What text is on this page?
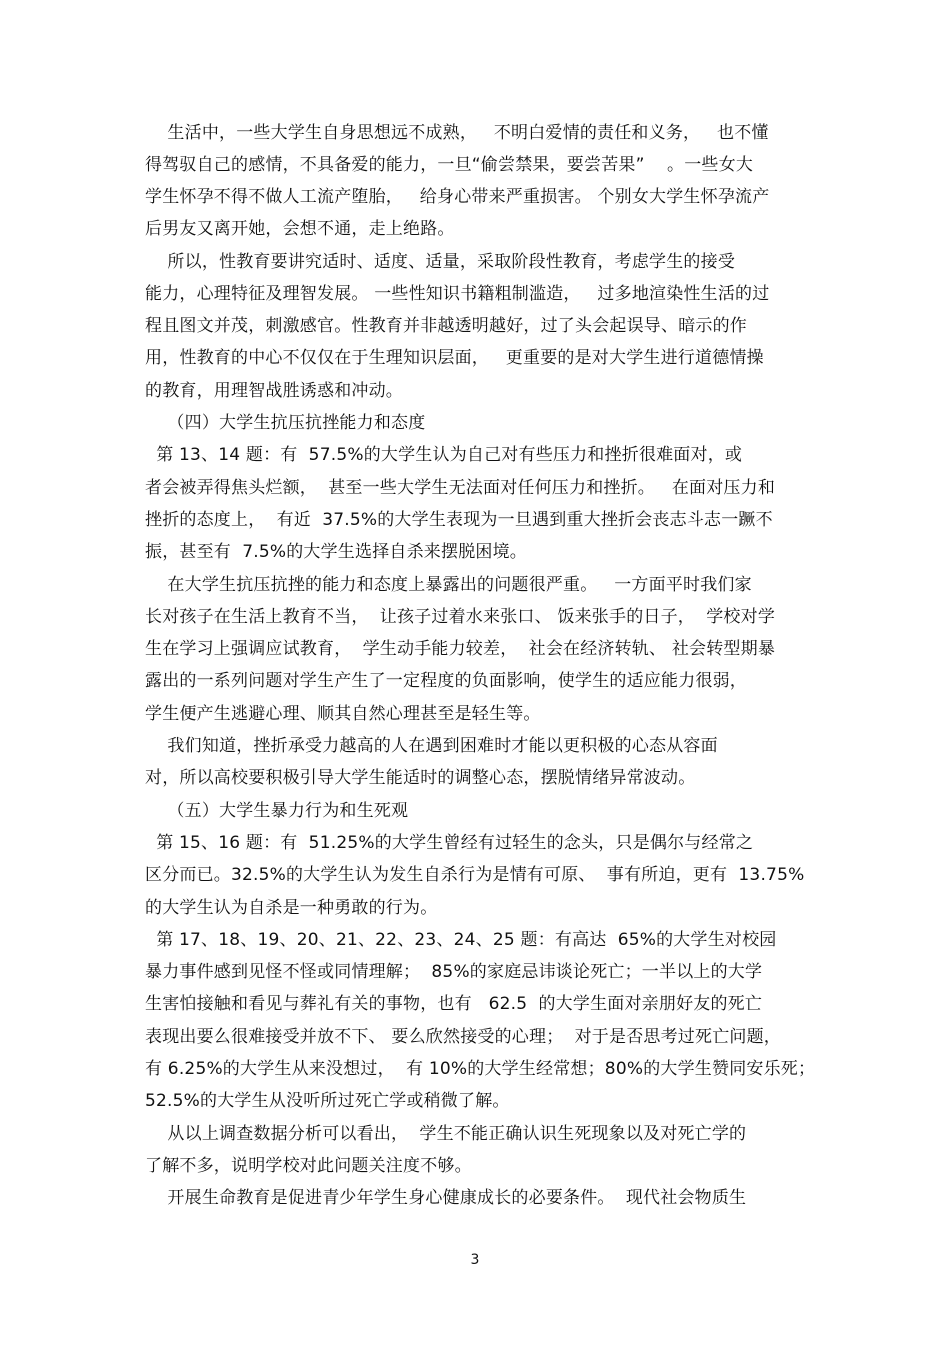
生活中，一些大学生自身思想远不成熟，   不明白爱情的责任和义务，   也不懂
得驾驭自己的感情，不具备爱的能力，一旦“偷尝禁果，要尝苦果”    。一些女大
学生怀孕不得不做人工流产堕胎，   给身心带来严重损害。 个别女大学生怀孕流产
后男友又离开她，会想不通，走上绝路。
所以，性教育要讲究适时、适度、适量，采取阶段性教育，考虑学生的接受
能力，心理特征及理智发展。 一些性知识书籍粗制滥造，   过多地渲染性生活的过
程且图文并茂，刺激感官。性教育并非越透明越好，过了头会起误导、暗示的作
用，性教育的中心不仅仅在于生理知识层面，   更重要的是对大学生进行道德情操
的教育，用理智战胜诱惑和冲动。
（四）大学生抗压抗挫能力和态度
第 13、14 题：有  57.5%的大学生认为自己对有些压力和挫折很难面对，或
者会被弄得焦头烂额，  甚至一些大学生无法面对任何压力和挫折。   在面对压力和
挫折的态度上，  有近  37.5%的大学生表现为一旦遇到重大挫折会丧志斗志一蹶不
振，甚至有  7.5%的大学生选择自杀来摆脱困境。
在大学生抗压抗挫的能力和态度上暴露出的问题很严重。   一方面平时我们家
长对孩子在生活上教育不当，  让孩子过着水来张口、 饭来张手的日子，  学校对学
生在学习上强调应试教育，  学生动手能力较差，  社会在经济转轨、 社会转型期暴
露出的一系列问题对学生产生了一定程度的负面影响，使学生的适应能力很弱，
学生便产生逃避心理、顺其自然心理甚至是轻生等。
我们知道，挫折承受力越高的人在遇到困难时才能以更积极的心态从容面
对，所以高校要积极引导大学生能适时的调整心态，摆脱情绪异常波动。
（五）大学生暴力行为和生死观
第 15、16 题：有  51.25%的大学生曾经有过轻生的念头，只是偶尔与经常之
区分而已。32.5%的大学生认为发生自杀行为是情有可原、  事有所迫，更有  13.75%
的大学生认为自杀是一种勇敢的行为。
第 17、18、19、20、21、22、23、24、25 题：有高达  65%的大学生对校园
暴力事件感到见怪不怪或同情理解；  85%的家庭忌讳谈论死亡；一半以上的大学
生害怕接触和看见与葬礼有关的事物，也有   62.5  的大学生面对亲朋好友的死亡
表现出要么很难接受并放不下、 要么欣然接受的心理；  对于是否思考过死亡问题，
有 6.25%的大学生从来没想过，  有 10%的大学生经常想；80%的大学生赞同安乐死；
52.5%的大学生从没听所过死亡学或稍微了解。
从以上调查数据分析可以看出，  学生不能正确认识生死现象以及对死亡学的
了解不多，说明学校对此问题关注度不够。
开展生命教育是促进青少年学生身心健康成长的必要条件。  现代社会物质生
3
